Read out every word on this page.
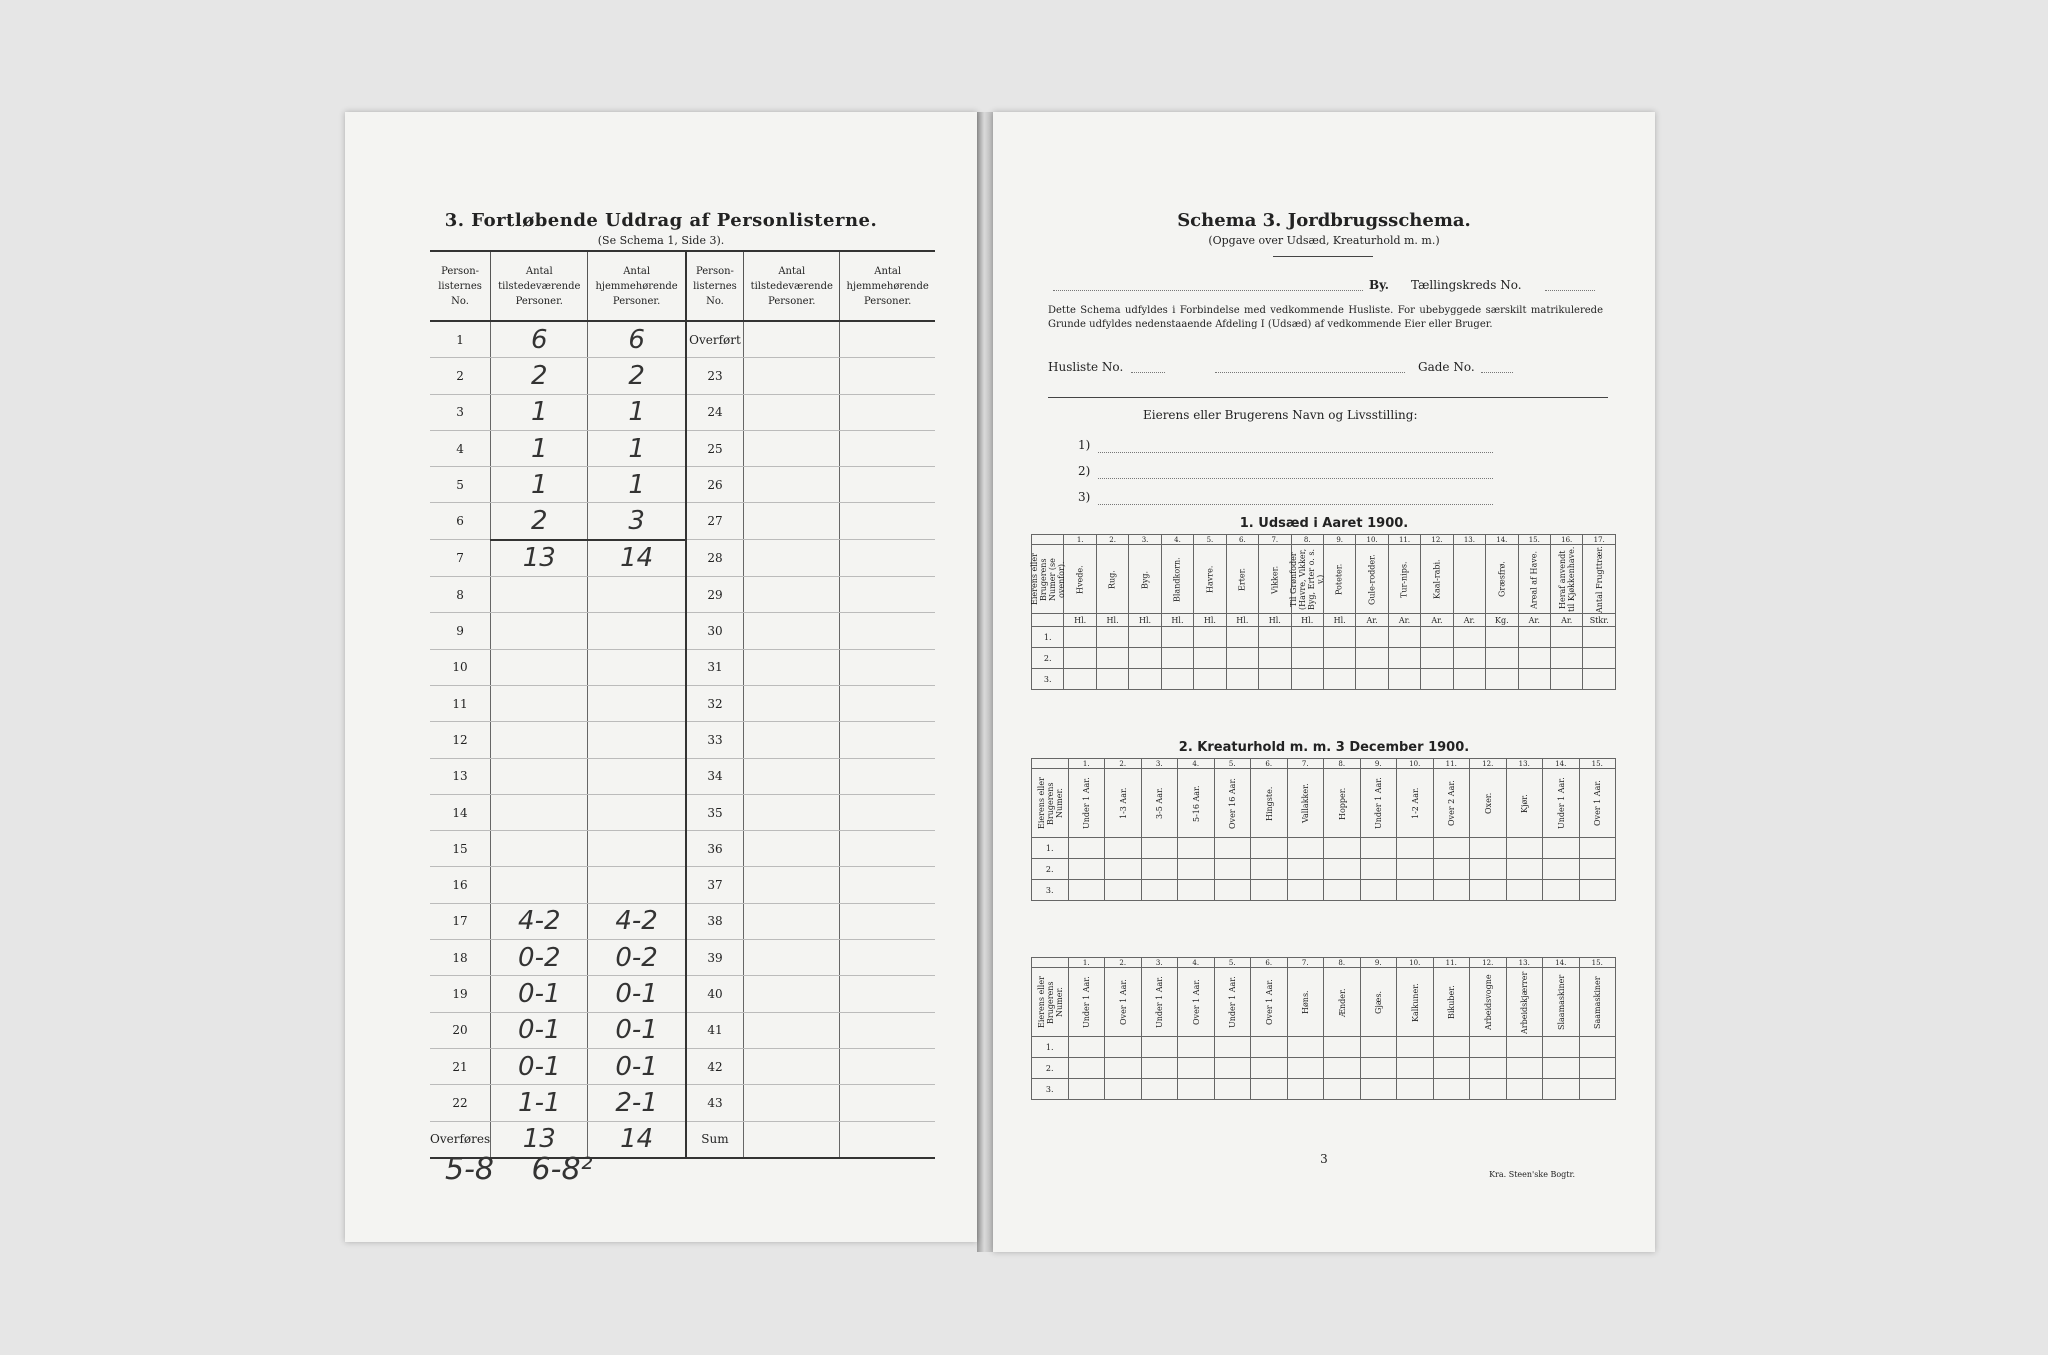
3. Fortløbende Uddrag af Personlisterne.
(Se Schema 1, Side 3).
Person-
listernes
No.	Antal
tilstedeværende
Personer.	Antal
hjemmehørende
Personer.	Person-
listernes
No.	Antal
tilstedeværende
Personer.	Antal
hjemmehørende
Personer.
1	6	6	Overført		
2	2	2	23		
3	1	1	24		
4	1	1	25		
5	1	1	26		
6	2	3	27		
7	13	14	28		
8			29		
9			30		
10			31		
11			32		
12			33		
13			34		
14			35		
15			36		
16			37		
17	4-2	4-2	38		
18	0-2	0-2	39		
19	0-1	0-1	40		
20	0-1	0-1	41		
21	0-1	0-1	42		
22	1-1	2-1	43		
Overføres	13	14	Sum		
5-8 6-8²
Schema 3. Jordbrugsschema.
(Opgave over Udsæd, Kreaturhold m. m.)
By. Tællingskreds No.
Dette Schema udfyldes i Forbindelse med vedkommende Husliste. For ubebyggede særskilt matrikulerede Grunde udfyldes nedenstaaende Afdeling I (Udsæd) af vedkommende Eier eller Bruger.
Husliste No.	Gade No.
Eierens eller Brugerens Navn og Livsstilling:
1)
2)
3)
1. Udsæd i Aaret 1900.
	1.	2.	3.	4.	5.	6.	7.	8.	9.	10.	11.	12.	13.	14.	15.	16.	17.
Eierens eller Brugerens Numer (se ovenfor).	Hvede.	Rug.	Byg.	Blandkorn.	Havre.	Erter.	Vikker.	Til Grønfoder (Havre, Vikker, Byg, Erter o. s. v.)	Poteter.	Gule-rodder.	Tur-nips.	Kaal-rabi.		Græsfrø.	Areal af Have.	Heraf anvendt til Kjøkkenhave.	Antal Frugttrær.
	Hl.	Hl.	Hl.	Hl.	Hl.	Hl.	Hl.	Hl.	Hl.	Ar.	Ar.	Ar.	Ar.	Kg.	Ar.	Ar.	Stkr.
1.																	
2.																	
3.																	
2. Kreaturhold m. m. 3 December 1900.
	1.	2.	3.	4.	5.	6.	7.	8.	9.	10.	11.	12.	13.	14.	15.
Eierens eller Brugerens Numer.	Under 1 Aar.	1-3 Aar.	3-5 Aar.	5-16 Aar.	Over 16 Aar.	Hingste.	Vallakker.	Hopper.	Under 1 Aar.	1-2 Aar.	Over 2 Aar.	Oxer.	Kjør.	Under 1 Aar.	Over 1 Aar.
1.															
2.															
3.															
	1.	2.	3.	4.	5.	6.	7.	8.	9.	10.	11.	12.	13.	14.	15.
Eierens eller Brugerens Numer.	Under 1 Aar.	Over 1 Aar.	Under 1 Aar.	Over 1 Aar.	Under 1 Aar.	Over 1 Aar.	Høns.	Ænder.	Gjæs.	Kalkuner.	Bikuber.	Arbeidsvogne	Arbeidskjærrer	Slaamaskiner	Saamaskiner
1.															
2.															
3.															
3
Kra. Steen'ske Bogtr.
